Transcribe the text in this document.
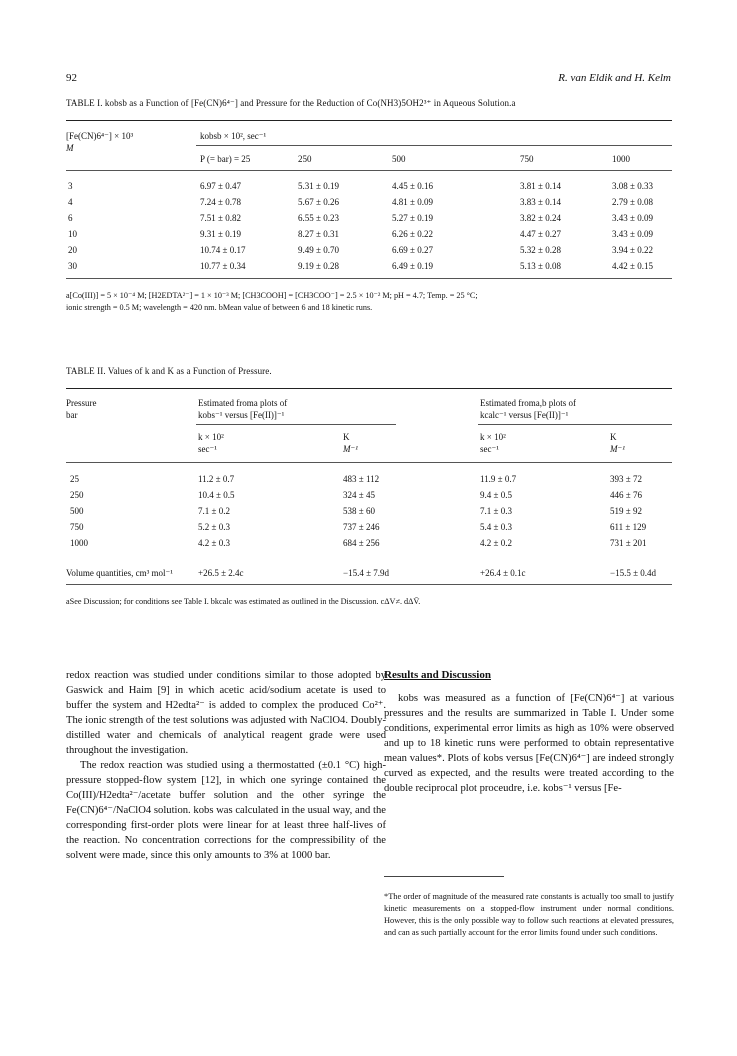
92	R. van Eldik and H. Kelm
TABLE I. kobsb as a Function of [Fe(CN)6⁴⁻] and Pressure for the Reduction of Co(NH3)5OH2³⁺ in Aqueous Solution.a
[Fe(CN)6⁴⁻] × 10³
M
kobsb × 10², sec⁻¹
P (= bar) = 25	250	500	750	1000
3	6.97 ± 0.47	5.31 ± 0.19	4.45 ± 0.16	3.81 ± 0.14	3.08 ± 0.33
4	7.24 ± 0.78	5.67 ± 0.26	4.81 ± 0.09	3.83 ± 0.14	2.79 ± 0.08
6	7.51 ± 0.82	6.55 ± 0.23	5.27 ± 0.19	3.82 ± 0.24	3.43 ± 0.09
10	9.31 ± 0.19	8.27 ± 0.31	6.26 ± 0.22	4.47 ± 0.27	3.43 ± 0.09
20	10.74 ± 0.17	9.49 ± 0.70	6.69 ± 0.27	5.32 ± 0.28	3.94 ± 0.22
30	10.77 ± 0.34	9.19 ± 0.28	6.49 ± 0.19	5.13 ± 0.08	4.42 ± 0.15
a[Co(III)] = 5 × 10⁻⁴ M; [H2EDTA²⁻] = 1 × 10⁻³ M; [CH3COOH] = [CH3COO⁻] = 2.5 × 10⁻² M; pH = 4.7; Temp. = 25 °C;
ionic strength = 0.5 M; wavelength = 420 nm. bMean value of between 6 and 18 kinetic runs.
TABLE II. Values of k and K as a Function of Pressure.
Pressure
bar
Estimated froma plots of
kobs⁻¹ versus [Fe(II)]⁻¹
Estimated froma,b plots of
kcalc⁻¹ versus [Fe(II)]⁻¹
k × 10²
sec⁻¹
K
M⁻¹
k × 10²
sec⁻¹
K
M⁻¹
25	11.2 ± 0.7	483 ± 112	11.9 ± 0.7	393 ± 72
250	10.4 ± 0.5	324 ± 45	9.4 ± 0.5	446 ± 76
500	7.1 ± 0.2	538 ± 60	7.1 ± 0.3	519 ± 92
750	5.2 ± 0.3	737 ± 246	5.4 ± 0.3	611 ± 129
1000	4.2 ± 0.3	684 ± 256	4.2 ± 0.2	731 ± 201
Volume quantities, cm³ mol⁻¹	+26.5 ± 2.4c	−15.4 ± 7.9d	+26.4 ± 0.1c	−15.5 ± 0.4d
aSee Discussion; for conditions see Table I. bkcalc was estimated as outlined in the Discussion. cΔV≠. dΔV̄.

redox reaction was studied under conditions similar to those adopted by Gaswick and Haim [9] in which acetic acid/sodium acetate is used to buffer the system and H2edta²⁻ is added to complex the produced Co²⁺. The ionic strength of the test solutions was adjusted with NaClO4. Doubly-distilled water and chemicals of analytical reagent grade were used throughout the investigation.

The redox reaction was studied using a thermostatted (±0.1 °C) high-pressure stopped-flow system [12], in which one syringe contained the Co(III)/H2edta²⁻/acetate buffer solution and the other syringe the Fe(CN)6⁴⁻/NaClO4 solution. kobs was calculated in the usual way, and the corresponding first-order plots were linear for at least three half-lives of the reaction. No concentration corrections for the compressibility of the solvent were made, since this only amounts to 3% at 1000 bar.

Results and Discussion

kobs was measured as a function of [Fe(CN)6⁴⁻] at various pressures and the results are summarized in Table I. Under some conditions, experimental error limits as high as 10% were observed and up to 18 kinetic runs were performed to obtain representative mean values*. Plots of kobs versus [Fe(CN)6⁴⁻] are indeed strongly curved as expected, and the results were treated according to the double reciprocal plot proceudre, i.e. kobs⁻¹ versus [Fe-

*The order of magnitude of the measured rate constants is actually too small to justify kinetic measurements on a stopped-flow instrument under normal conditions. However, this is the only possible way to follow such reactions at elevated pressures, and can as such partially account for the error limits found under such conditions.
